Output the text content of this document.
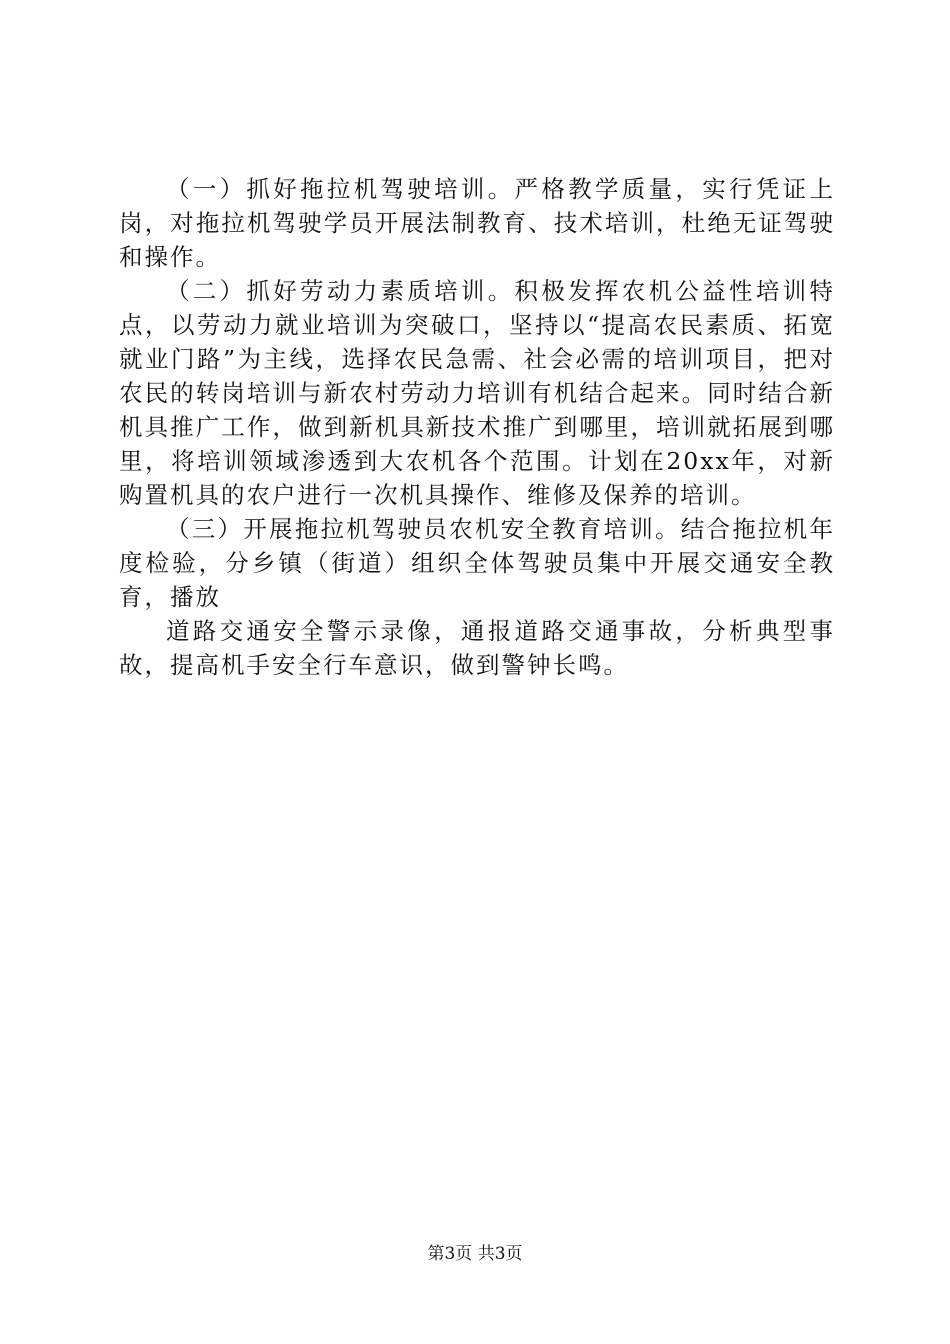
（一）抓好拖拉机驾驶培训。严格教学质量，实行凭证上岗，对拖拉机驾驶学员开展法制教育、技术培训，杜绝无证驾驶和操作。

（二）抓好劳动力素质培训。积极发挥农机公益性培训特点，以劳动力就业培训为突破口，坚持以“提高农民素质、拓宽就业门路”为主线，选择农民急需、社会必需的培训项目，把对农民的转岗培训与新农村劳动力培训有机结合起来。同时结合新机具推广工作，做到新机具新技术推广到哪里，培训就拓展到哪里，将培训领域渗透到大农机各个范围。计划在20xx年，对新购置机具的农户进行一次机具操作、维修及保养的培训。

（三）开展拖拉机驾驶员农机安全教育培训。结合拖拉机年度检验，分乡镇（街道）组织全体驾驶员集中开展交通安全教育，播放

道路交通安全警示录像，通报道路交通事故，分析典型事故，提高机手安全行车意识，做到警钟长鸣。

第3页 共3页
